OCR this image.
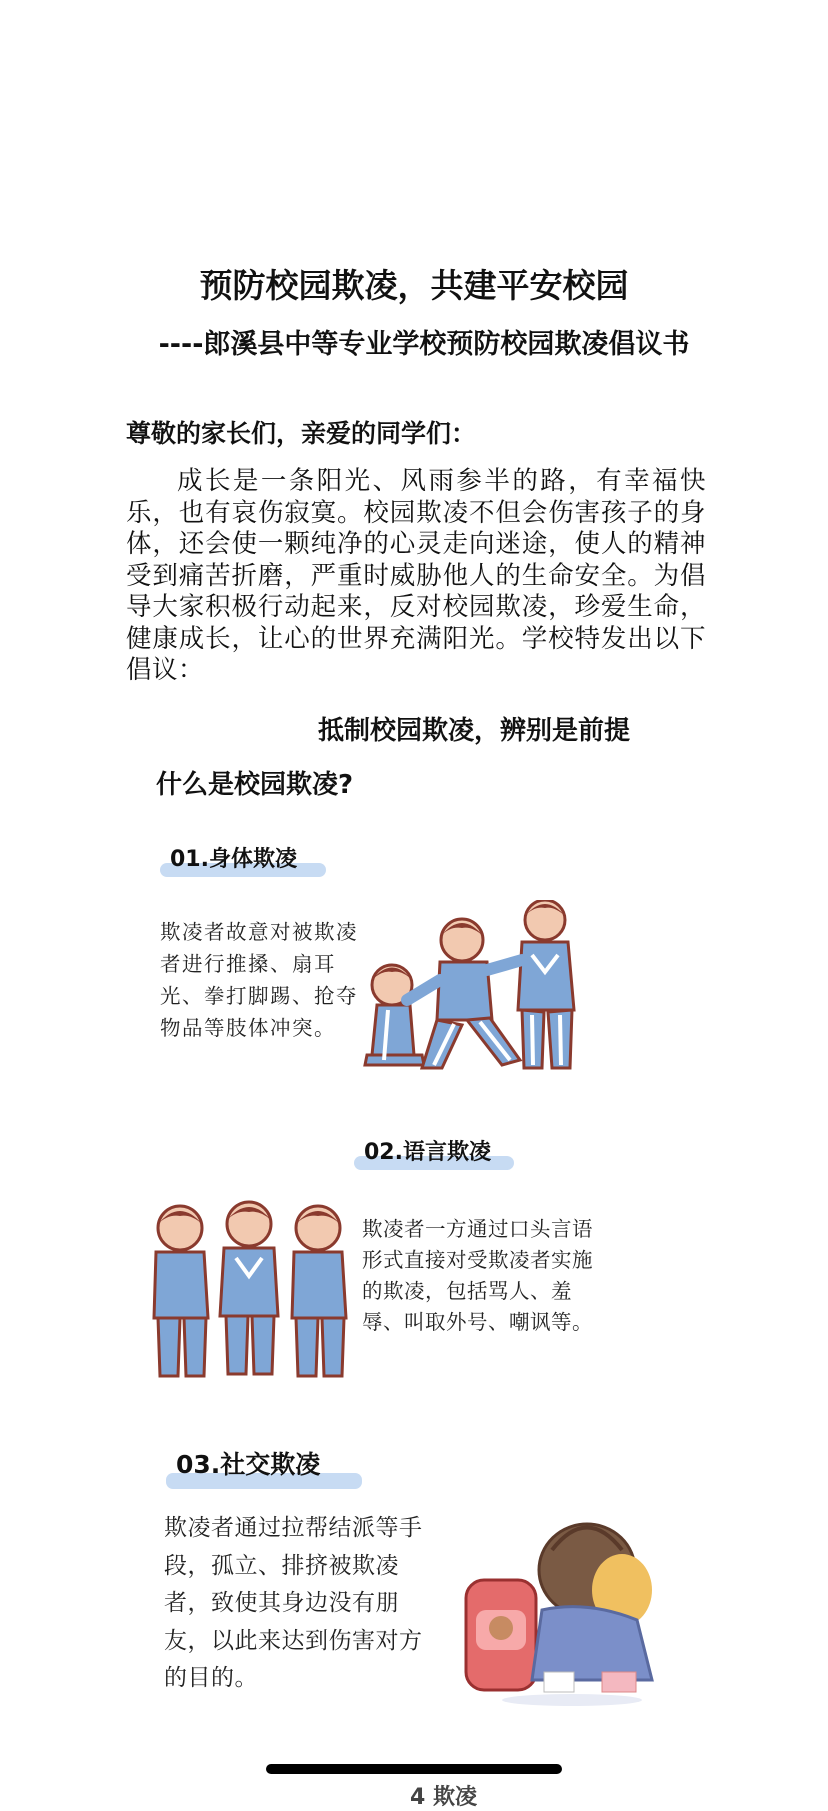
预防校园欺凌，共建平安校园
----郎溪县中等专业学校预防校园欺凌倡议书
尊敬的家长们，亲爱的同学们：
成长是一条阳光、风雨参半的路，有幸福快乐，也有哀伤寂寞。校园欺凌不但会伤害孩子的身体，还会使一颗纯净的心灵走向迷途，使人的精神受到痛苦折磨，严重时威胁他人的生命安全。为倡导大家积极行动起来，反对校园欺凌，珍爱生命，健康成长，让心的世界充满阳光。学校特发出以下倡议：
抵制校园欺凌，辨别是前提
什么是校园欺凌?
01.身体欺凌
欺凌者故意对被欺凌者进行推搡、扇耳光、拳打脚踢、抢夺物品等肢体冲突。
02.语言欺凌
欺凌者一方通过口头言语形式直接对受欺凌者实施的欺凌，包括骂人、羞辱、叫取外号、嘲讽等。
03.社交欺凌
欺凌者通过拉帮结派等手段，孤立、排挤被欺凌者，致使其身边没有朋友，以此来达到伤害对方的目的。
4 欺凌
